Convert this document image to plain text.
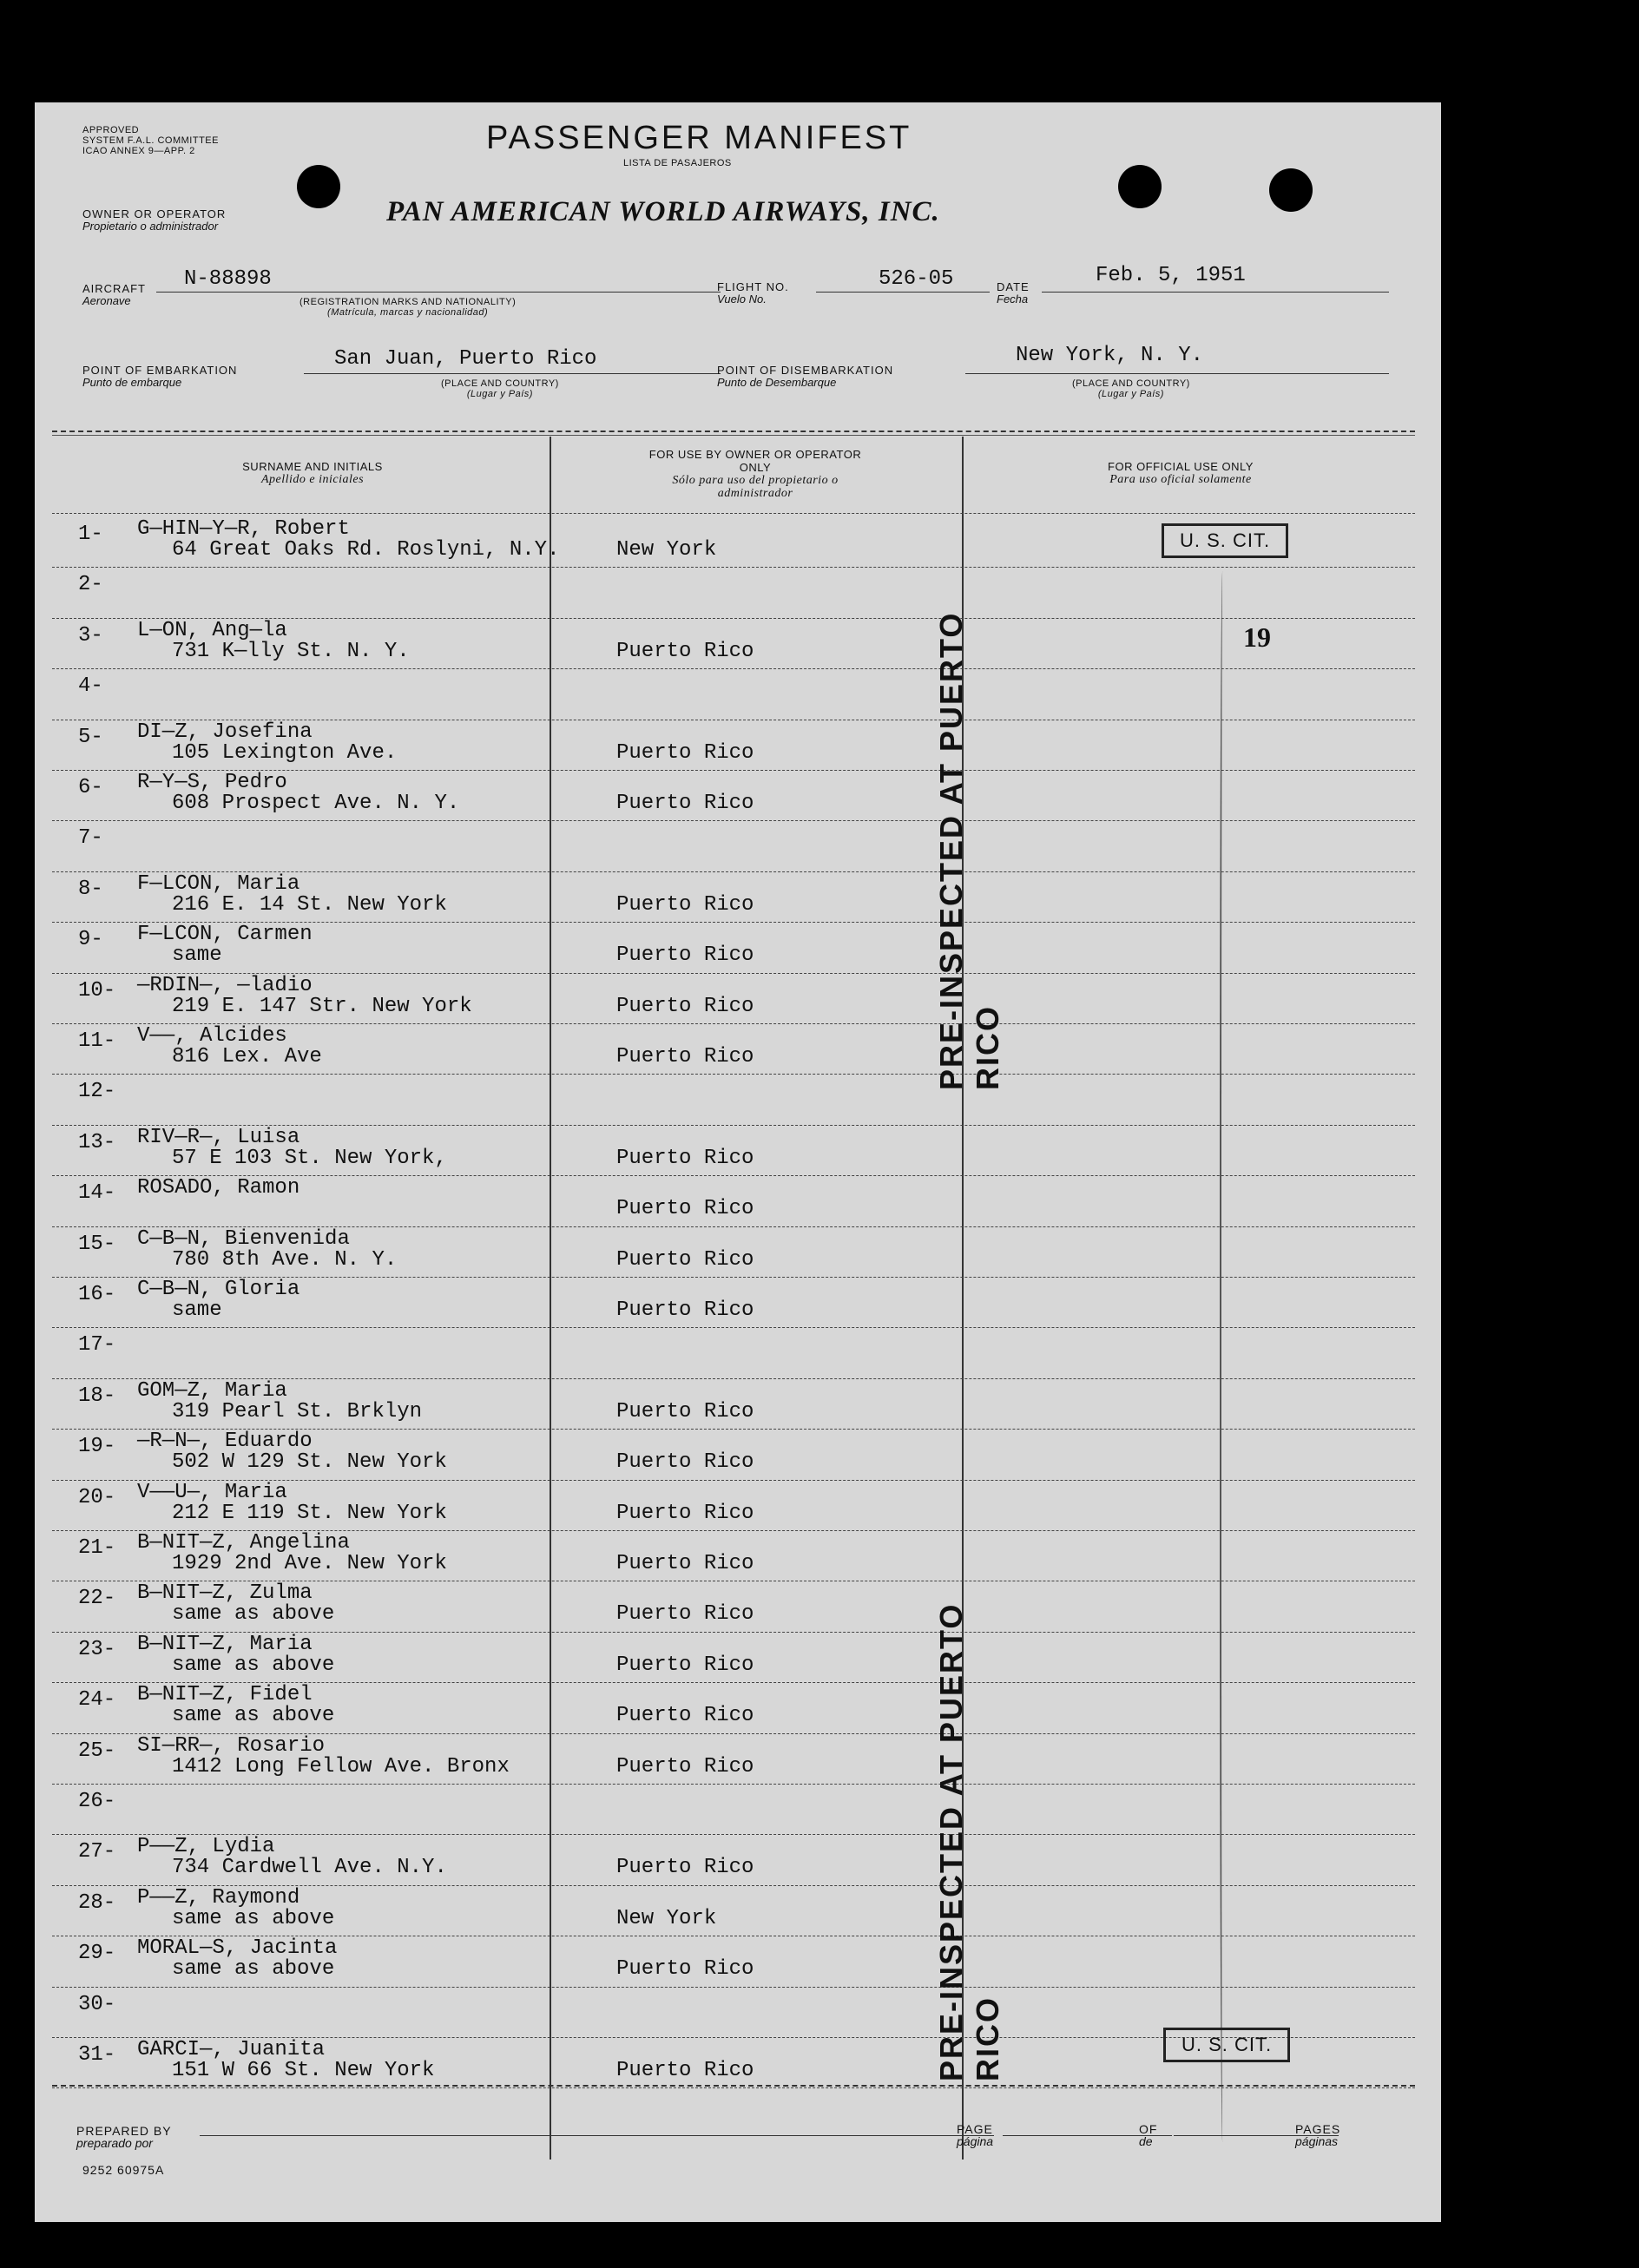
APPROVED
SYSTEM F.A.L. COMMITTEE
ICAO ANNEX 9—APP. 2	PASSENGER MANIFEST
LISTA DE PASAJEROS
OWNER OR OPERATOR
Propietario o administrador	PAN AMERICAN WORLD AIRWAYS, INC.
AIRCRAFT
Aeronave
N-88898
(REGISTRATION MARKS AND NATIONALITY)
(Matrícula, marcas y nacionalidad)
FLIGHT NO.
Vuelo No.
526-05	DATE
Fecha
Feb. 5, 1951
POINT OF EMBARKATION
Punto de embarque
San Juan, Puerto Rico
(PLACE AND COUNTRY)
(Lugar y País)
POINT OF DISEMBARKATION
Punto de Desembarque
New York, N. Y.
(PLACE AND COUNTRY)
(Lugar y País)
SURNAME AND INITIALS
Apellido e iniciales
FOR USE BY OWNER OR OPERATOR ONLY
Sólo para uso del propietario o administrador
FOR OFFICIAL USE ONLY
Para uso oficial solamente
1- G—HIN—Y—R, Robert
64 Great Oaks Rd. Roslyni, N.Y.	New York
2-
3- L—ON, Ang—la
731 K—lly St. N. Y.	Puerto Rico
4-
5- DI—Z, Josefina
105 Lexington Ave.	Puerto Rico
6- R—Y—S, Pedro
608 Prospect Ave. N. Y.	Puerto Rico
7-
8- F—LCON, Maria
216 E. 14 St. New York	Puerto Rico
9- F—LCON, Carmen
same	Puerto Rico
10- —RDIN—, —ladio
219 E. 147 Str. New York	Puerto Rico
11- V——, Alcides
816 Lex. Ave	Puerto Rico
12-
13- RIV—R—, Luisa
57 E 103 St. New York,	Puerto Rico
14- ROSADO, Ramon
Puerto Rico
15- C—B—N, Bienvenida
780 8th Ave. N. Y.	Puerto Rico
16- C—B—N, Gloria
same	Puerto Rico
17-
18- GOM—Z, Maria
319 Pearl St. Brklyn	Puerto Rico
19- —R—N—, Eduardo
502 W 129 St. New York	Puerto Rico
20- V——U—, Maria
212 E 119 St. New York	Puerto Rico
21- B—NIT—Z, Angelina
1929 2nd Ave. New York	Puerto Rico
22- B—NIT—Z, Zulma
same as above	Puerto Rico
23- B—NIT—Z, Maria
same as above	Puerto Rico
24- B—NIT—Z, Fidel
same as above	Puerto Rico
25- SI—RR—, Rosario
1412 Long Fellow Ave. Bronx	Puerto Rico
26-
27- P——Z, Lydia
734 Cardwell Ave. N.Y.	Puerto Rico
28- P——Z, Raymond
same as above	New York
29- MORAL—S, Jacinta
same as above	Puerto Rico
30-
31- GARCI—, Juanita
151 W 66 St. New York	Puerto Rico
PRE-INSPECTED AT PUERTO RICO
PRE-INSPECTED AT PUERTO RICO
U. S. CIT.
19
U. S. CIT.
PREPARED BY
preparado por
PAGE
página
OF
de
PAGES
páginas
9252 60975A
